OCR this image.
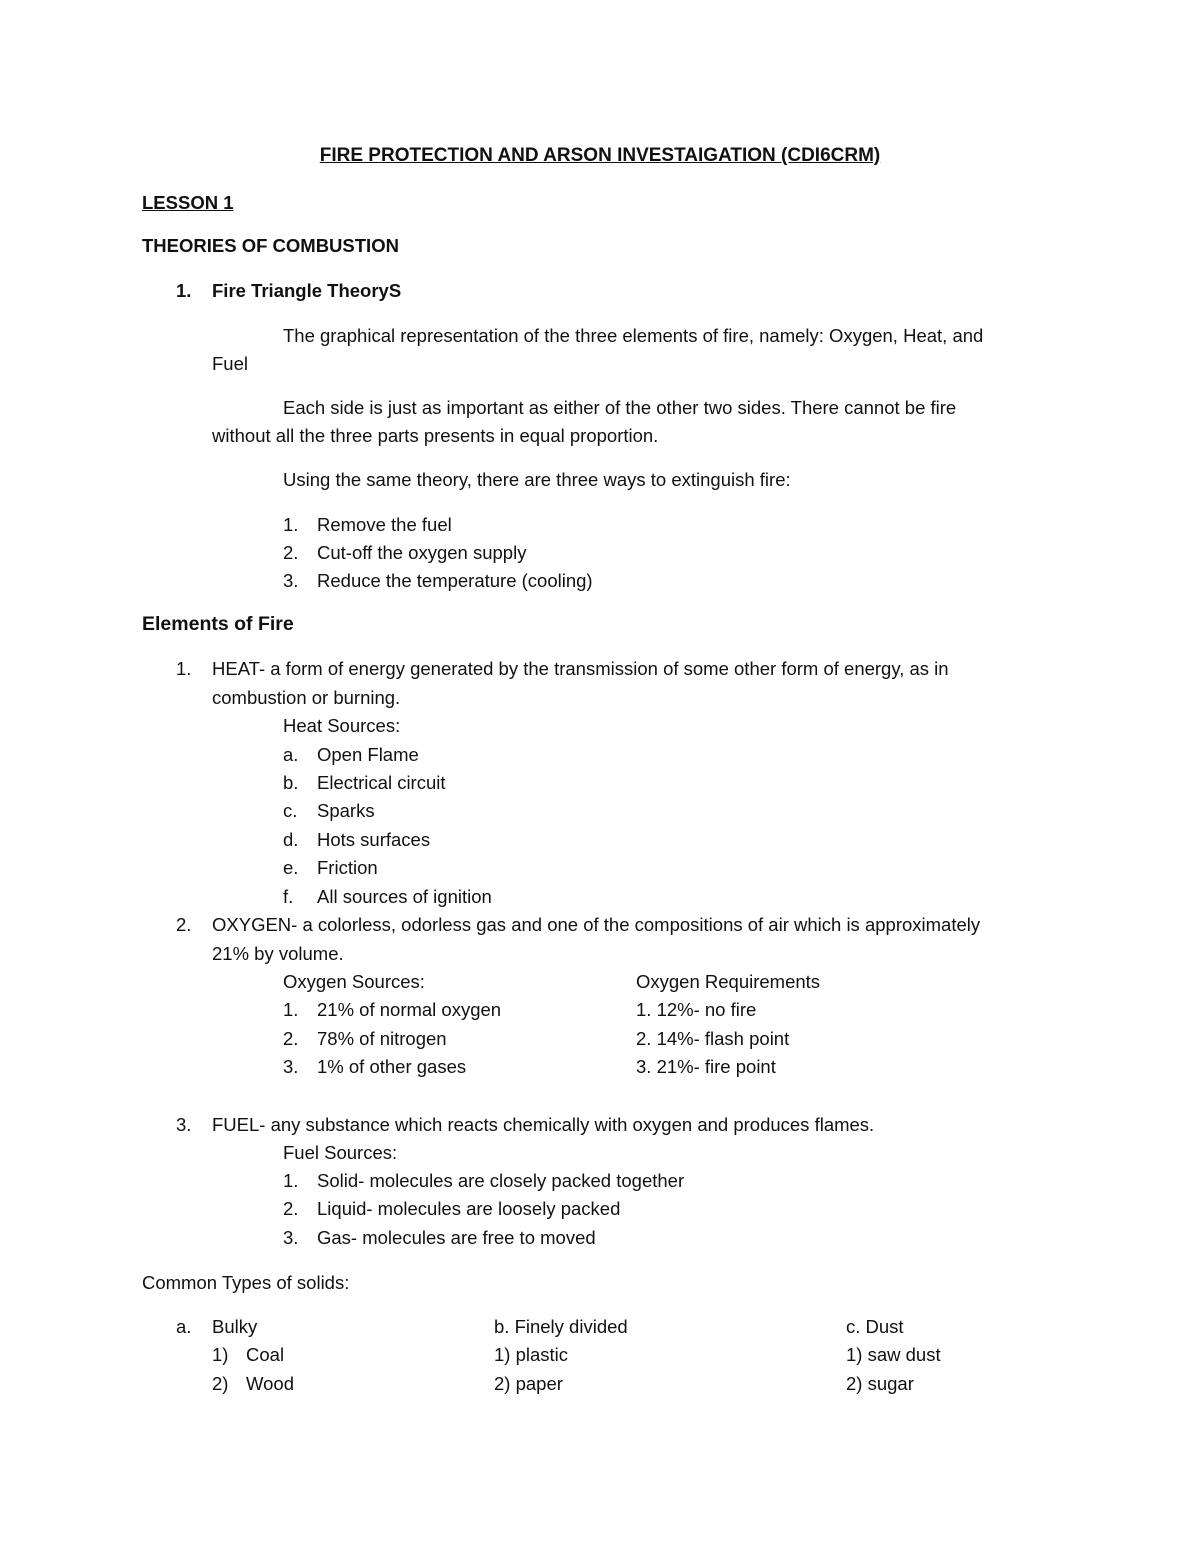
FIRE PROTECTION AND ARSON INVESTAIGATION (CDI6CRM)
LESSON 1
THEORIES OF COMBUSTION
1. Fire Triangle TheoryS
The graphical representation of the three elements of fire, namely: Oxygen, Heat, and
Fuel
Each side is just as important as either of the other two sides. There cannot be fire
without all the three parts presents in equal proportion.
Using the same theory, there are three ways to extinguish fire:
1. Remove the fuel
2. Cut-off the oxygen supply
3. Reduce the temperature (cooling)
Elements of Fire
1. HEAT- a form of energy generated by the transmission of some other form of energy, as in
combustion or burning.
Heat Sources:
a. Open Flame
b. Electrical circuit
c. Sparks
d. Hots surfaces
e. Friction
f. All sources of ignition
2. OXYGEN- a colorless, odorless gas and one of the compositions of air which is approximately
21% by volume.
Oxygen Sources:	Oxygen Requirements
1. 21% of normal oxygen
2. 78% of nitrogen
3. 1% of other gases
1. 12%- no fire
2. 14%- flash point
3. 21%- fire point
3. FUEL- any substance which reacts chemically with oxygen and produces flames.
Fuel Sources:
1. Solid- molecules are closely packed together
2. Liquid- molecules are loosely packed
3. Gas- molecules are free to moved
Common Types of solids:
a. Bulky
1) Coal
2) Wood
b. Finely divided
1) plastic
2) paper
c. Dust
1) saw dust
2) sugar
